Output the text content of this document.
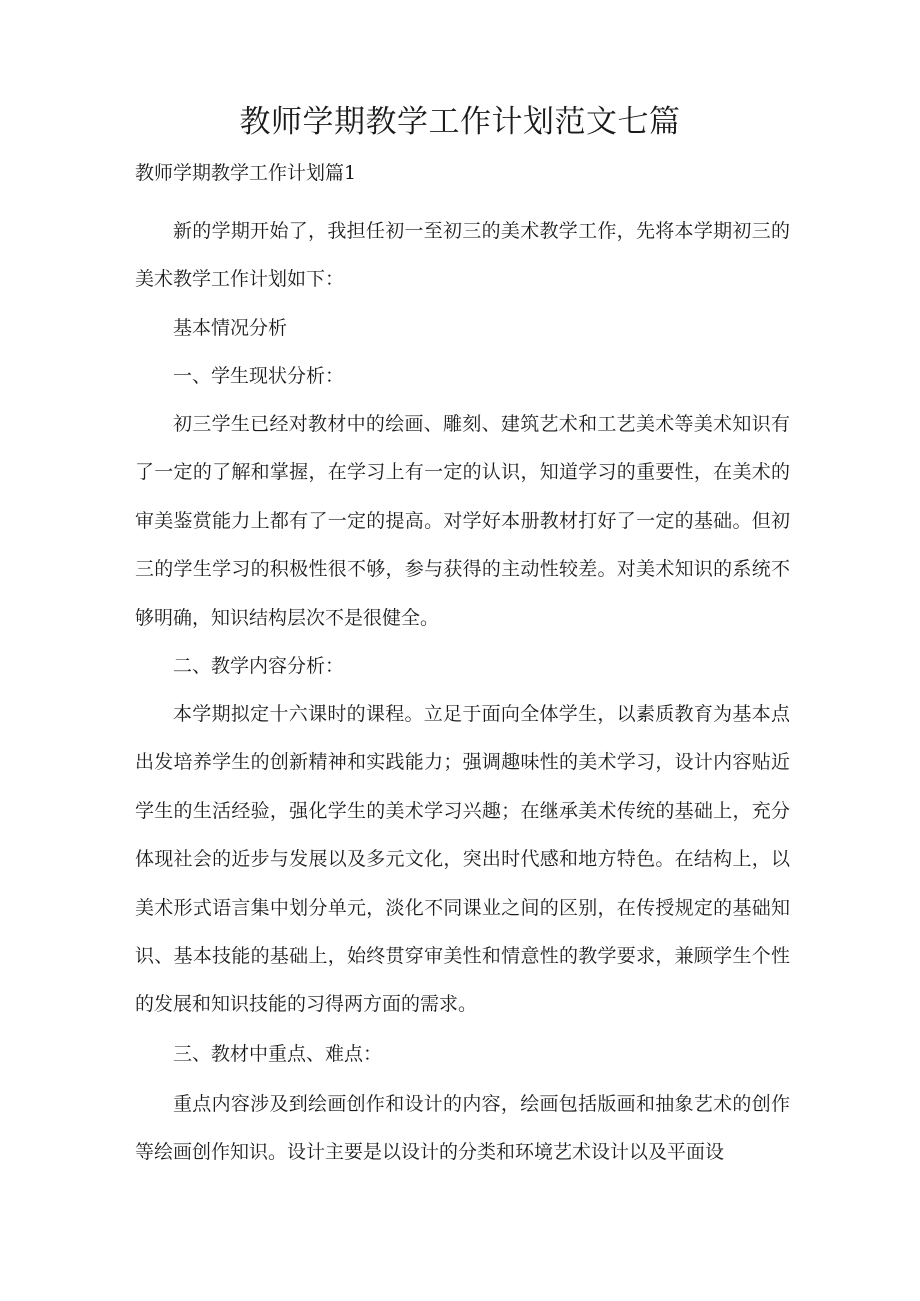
教师学期教学工作计划范文七篇
教师学期教学工作计划篇1

新的学期开始了，我担任初一至初三的美术教学工作，先将本学期初三的美术教学工作计划如下：

基本情况分析

一、学生现状分析：

初三学生已经对教材中的绘画、雕刻、建筑艺术和工艺美术等美术知识有了一定的了解和掌握，在学习上有一定的认识，知道学习的重要性，在美术的审美鉴赏能力上都有了一定的提高。对学好本册教材打好了一定的基础。但初三的学生学习的积极性很不够，参与获得的主动性较差。对美术知识的系统不够明确，知识结构层次不是很健全。

二、教学内容分析：

本学期拟定十六课时的课程。立足于面向全体学生，以素质教育为基本点出发培养学生的创新精神和实践能力；强调趣味性的美术学习，设计内容贴近学生的生活经验，强化学生的美术学习兴趣；在继承美术传统的基础上，充分体现社会的近步与发展以及多元文化，突出时代感和地方特色。在结构上，以美术形式语言集中划分单元，淡化不同课业之间的区别，在传授规定的基础知识、基本技能的基础上，始终贯穿审美性和情意性的教学要求，兼顾学生个性的发展和知识技能的习得两方面的需求。

三、教材中重点、难点：

重点内容涉及到绘画创作和设计的内容，绘画包括版画和抽象艺术的创作等绘画创作知识。设计主要是以设计的分类和环境艺术设计以及平面设
